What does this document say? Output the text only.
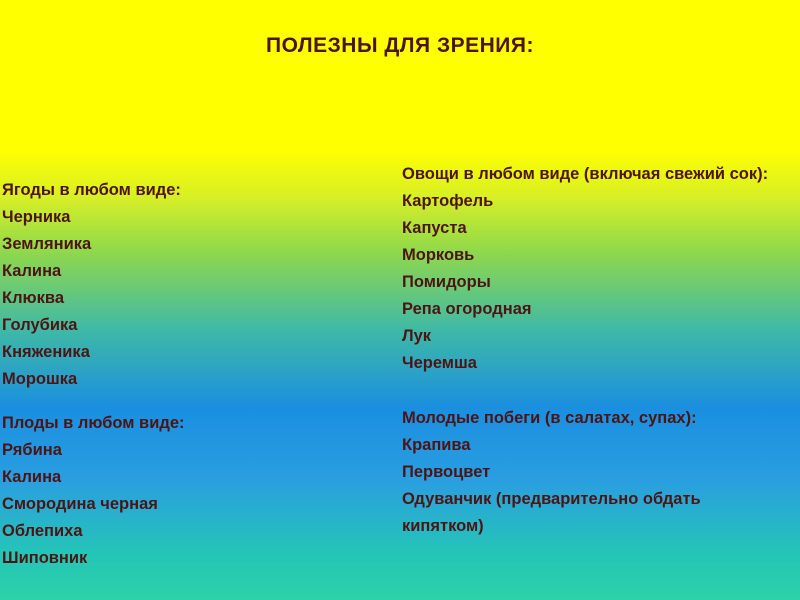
ПОЛЕЗНЫ ДЛЯ ЗРЕНИЯ:
Ягоды в любом виде:
Черника
Земляника
Калина
Клюква
Голубика
Княженика
Морошка
Плоды в любом виде:
Рябина
Калина
Смородина черная
Облепиха
Шиповник
Овощи в любом виде (включая свежий сок):
Картофель
Капуста
Морковь
Помидоры
Репа огородная
Лук
Черемша
Молодые побеги (в салатах, супах):
Крапива
Первоцвет
Одуванчик (предварительно обдать кипятком)
